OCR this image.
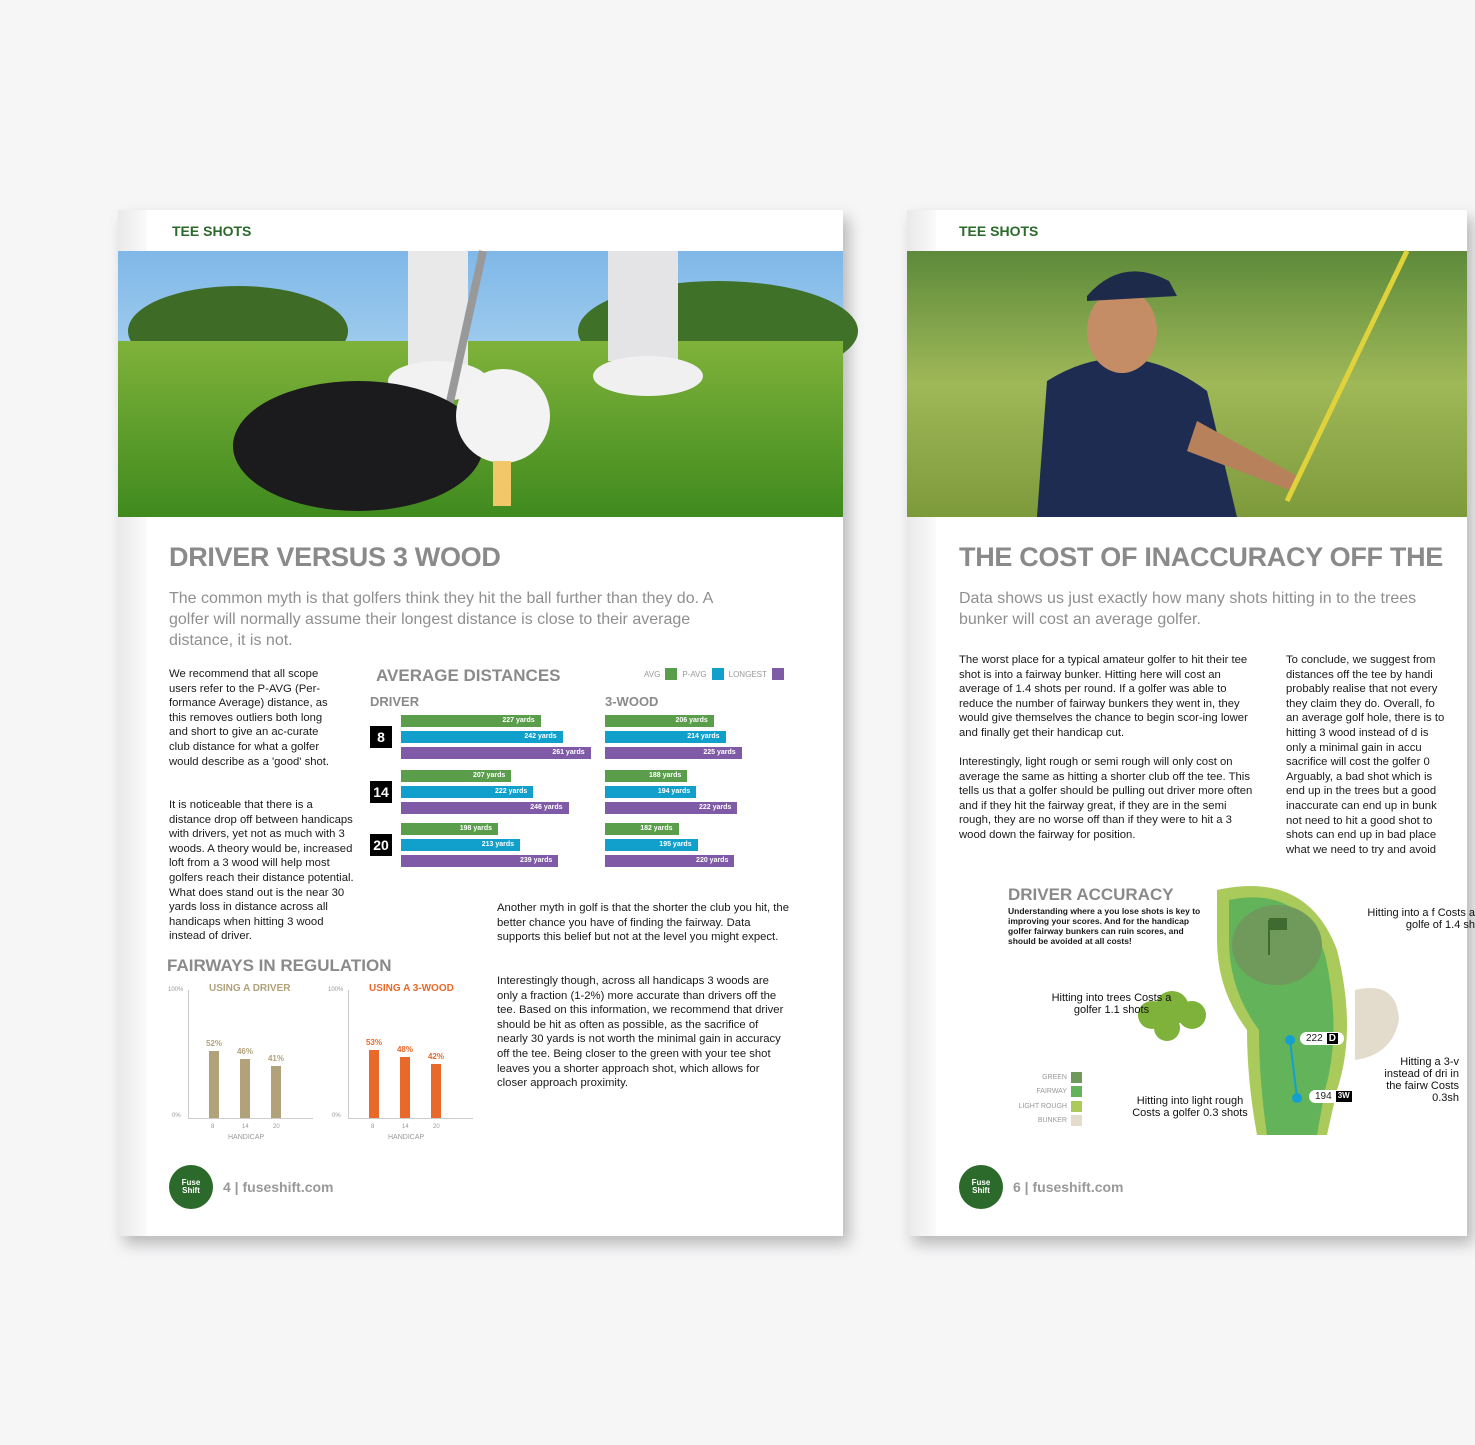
TEE SHOTS
DRIVER VERSUS 3 WOOD
The common myth is that golfers think they hit the ball further than they do. A golfer will normally assume their longest distance is close to their average distance, it is not.
We recommend that all scope users refer to the P-AVG (Per-formance Average) distance, as this removes outliers both long and short to give an ac-curate club distance for what a golfer would describe as a 'good' shot.
It is noticeable that there is a distance drop off between handicaps with drivers, yet not as much with 3 woods. A theory would be, increased loft from a 3 wood will help most golfers reach their distance potential. What does stand out is the near 30 yards loss in distance across all handicaps when hitting 3 wood instead of driver.
Another myth in golf is that the shorter the club you hit, the better chance you have of finding the fairway. Data supports this belief but not at the level you might expect.
Interestingly though, across all handicaps 3 woods are only a fraction (1-2%) more accurate than drivers off the tee. Based on this information, we recommend that driver should be hit as often as possible, as the sacrifice of nearly 30 yards is not worth the minimal gain in accuracy off the tee. Being closer to the green with your tee shot leaves you a shorter approach shot, which allows for closer approach proximity.
AVERAGE DISTANCES	AVG	P-AVG	LONGEST
DRIVER	3-WOOD
FAIRWAYS IN REGULATION
Fuse
Shift	4 | fuseshift.com
8
14
20
227 yards
242 yards
261 yards
207 yards
222 yards
246 yards
198 yards
213 yards
239 yards
206 yards
214 yards
225 yards
188 yards
194 yards
222 yards
182 yards
195 yards
220 yards
USING A DRIVER
100%
0%
52%
8
46%
14
41%
20
HANDICAP
USING A 3-WOOD
100%
0%
53%
8
48%
14
42%
20
HANDICAP
TEE SHOTS
THE COST OF INACCURACY OFF THE
Data shows us just exactly how many shots hitting in to the trees bunker will cost an average golfer.
The worst place for a typical amateur golfer to hit their tee shot is into a fairway bunker. Hitting here will cost an average of 1.4 shots per round. If a golfer was able to reduce the number of fairway bunkers they went in, they would give themselves the chance to begin scor-ing lower and finally get their handicap cut.
Interestingly, light rough or semi rough will only cost on average the same as hitting a shorter club off the tee. This tells us that a golfer should be pulling out driver more often and if they hit the fairway great, if they are in the semi rough, they are no worse off than if they were to hit a 3 wood down the fairway for position.
To conclude, we suggest from distances off the tee by handi probably realise that not every they claim they do. Overall, fo an average golf hole, there is to hitting 3 wood instead of d is only a minimal gain in accu sacrifice will cost the golfer 0 Arguably, a bad shot which is end up in the trees but a good inaccurate can end up in bunk not need to hit a good shot to shots can end up in bad place what we need to try and avoid
DRIVER ACCURACY
Understanding where a you lose shots is key to improving your scores. And for the handicap golfer fairway bunkers can ruin scores, and should be avoided at all costs!
222 D
194 3W
Hitting into trees Costs a golfer 1.1 shots
Hitting into light rough Costs a golfer 0.3 shots
Hitting into a f Costs a golfe of 1.4 sh
Hitting a 3-v instead of dri in the fairw Costs 0.3sh
GREEN
FAIRWAY
LIGHT ROUGH
BUNKER
Fuse
Shift	6 | fuseshift.com
